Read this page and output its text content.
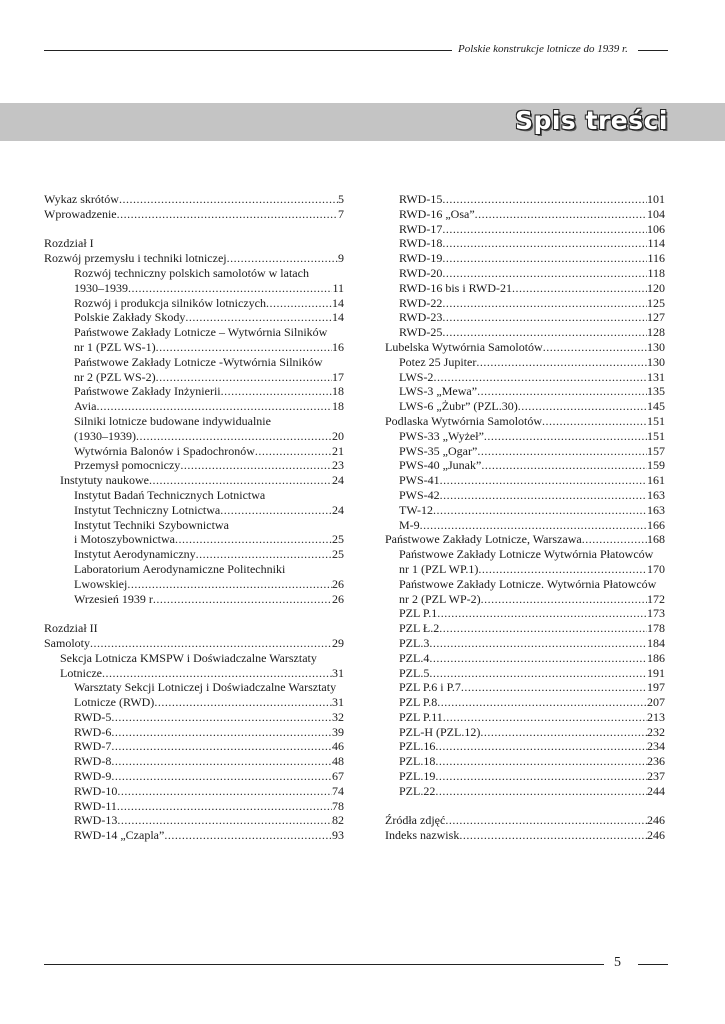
Polskie konstrukcje lotnicze do 1939 r.
Spis treści
Wykaz skrótów .....	5
Wprowadzenie .....	7
Rozdział I
Rozwój przemysłu i techniki lotniczej .....	9
Rozwój techniczny polskich samolotów w latach
1930–1939 .....	11
Rozwój i produkcja silników lotniczych .....	14
Polskie Zakłady Skody .....	14
Państwowe Zakłady Lotnicze – Wytwórnia Silników
nr 1 (PZL WS-1) .....	16
Państwowe Zakłady Lotnicze -Wytwórnia Silników
nr 2 (PZL WS-2) .....	17
Państwowe Zakłady Inżynierii .....	18
Avia .....	18
Silniki lotnicze budowane indywidualnie
(1930–1939) .....	20
Wytwórnia Balonów i Spadochronów .....	21
Przemysł pomocniczy .....	23
Instytuty naukowe .....	24
Instytut Badań Technicznych Lotnictwa
Instytut Techniczny Lotnictwa .....	24
Instytut Techniki Szybownictwa
i Motoszybownictwa .....	25
Instytut Aerodynamiczny .....	25
Laboratorium Aerodynamiczne Politechniki
Lwowskiej .....	26
Wrzesień 1939 r .....	26
Rozdział II
Samoloty .....	29
Sekcja Lotnicza KMSPW i Doświadczalne Warsztaty
Lotnicze .....	31
Warsztaty Sekcji Lotniczej i Doświadczalne Warsztaty
Lotnicze (RWD) .....	31
RWD-5 .....	32
RWD-6 .....	39
RWD-7 .....	46
RWD-8 .....	48
RWD-9 .....	67
RWD-10 .....	74
RWD-11 .....	78
RWD-13 .....	82
RWD-14 „Czapla” .....	93
RWD-15 .....	101
RWD-16 „Osa” .....	104
RWD-17 .....	106
RWD-18 .....	114
RWD-19 .....	116
RWD-20 .....	118
RWD-16 bis i RWD-21 .....	120
RWD-22 .....	125
RWD-23 .....	127
RWD-25 .....	128
Lubelska Wytwórnia Samolotów .....	130
Potez 25 Jupiter .....	130
LWS-2 .....	131
LWS-3 „Mewa” .....	135
LWS-6 „Żubr” (PZL.30) .....	145
Podlaska Wytwórnia Samolotów .....	151
PWS-33 „Wyżeł” .....	151
PWS-35 „Ogar” .....	157
PWS-40 „Junak” .....	159
PWS-41 .....	161
PWS-42 .....	163
TW-12 .....	163
M-9 .....	166
Państwowe Zakłady Lotnicze, Warszawa .....	168
Państwowe Zakłady Lotnicze Wytwórnia Płatowców
nr 1 (PZL WP.1) .....	170
Państwowe Zakłady Lotnicze. Wytwórnia Płatowców
nr 2 (PZL WP-2) .....	172
PZL P.1 .....	173
PZL Ł.2 .....	178
PZL.3 .....	184
PZL.4 .....	186
PZL.5 .....	191
PZL P.6 i P.7 .....	197
PZL P.8 .....	207
PZL P.11 .....	213
PZL-H (PZL.12) .....	232
PZL.16 .....	234
PZL.18 .....	236
PZL.19 .....	237
PZL.22 .....	244
Źródła zdjęć .....	246
Indeks nazwisk .....	246
5
